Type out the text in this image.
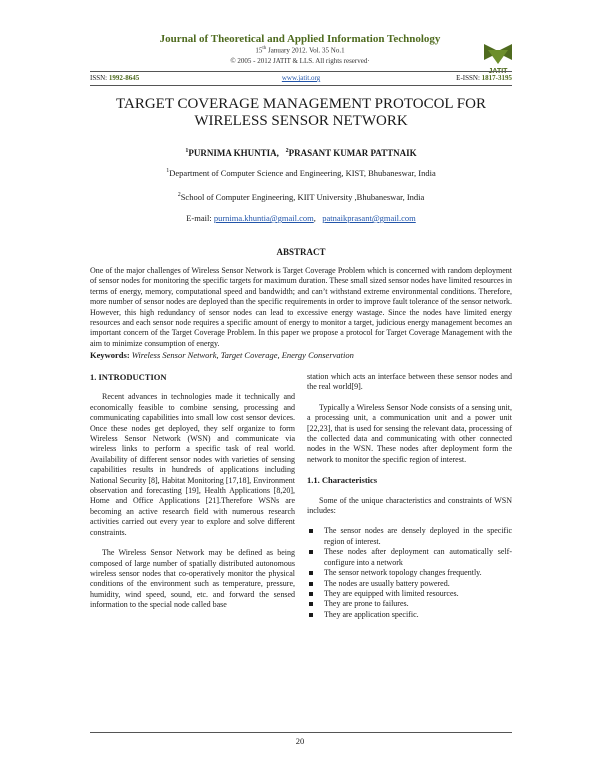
Journal of Theoretical and Applied Information Technology
15th January 2012. Vol. 35 No.1
© 2005 - 2012 JATIT & LLS. All rights reserved·
JATIT
ISSN: 1992-8645	www.jatit.org	E-ISSN: 1817-3195
TARGET COVERAGE MANAGEMENT PROTOCOL FOR WIRELESS SENSOR NETWORK
$^1$PURNIMA KHUNTIA, $^2$PRASANT KUMAR PATTNAIK
$^1$Department of Computer Science and Engineering, KIST, Bhubaneswar, India
$^2$School of Computer Engineering, KIIT University ,Bhubaneswar, India
E-mail: purnima.khuntia@gmail.com, patnaikprasant@gmail.com
ABSTRACT

One of the major challenges of Wireless Sensor Network is Target Coverage Problem which is concerned with random deployment of sensor nodes for monitoring the specific targets for maximum duration. These small sized sensor nodes have limited resources in terms of energy, memory, computational speed and bandwidth; and can’t withstand extreme environmental conditions. Therefore, more number of sensor nodes are deployed than the specific requirements in order to improve fault tolerance of the sensor network. However, this high redundancy of sensor nodes can lead to excessive energy wastage. Since the nodes have limited energy resources and each sensor node requires a specific amount of energy to monitor a target, judicious energy management becomes an important concern of the Target Coverage Problem. In this paper we propose a protocol for Target Coverage Management with the aim to minimize consumption of energy.

Keywords: Wireless Sensor Network, Target Coverage, Energy Conservation
1. INTRODUCTION

Recent advances in technologies made it technically and economically feasible to combine sensing, processing and communicating capabilities into small low cost sensor devices. Once these nodes get deployed, they self organize to form Wireless Sensor Network (WSN) and communicate via wireless links to perform a specific task of real world. Availability of different sensor nodes with varieties of sensing capabilities results in hundreds of applications including National Security [8], Habitat Monitoring [17,18], Environment observation and forecasting [19], Health Applications [8,20], Home and Office Applications [21].Therefore WSNs are becoming an active research field with numerous research activities carried out every year to explore and solve different constraints.

The Wireless Sensor Network may be defined as being composed of large number of spatially distributed autonomous wireless sensor nodes that co-operatively monitor the physical conditions of the environment such as temperature, pressure, humidity, wind speed, sound, etc. and forward the sensed information to the special node called base

station which acts an interface between these sensor nodes and the real world[9].

Typically a Wireless Sensor Node consists of a sensing unit, a processing unit, a communication unit and a power unit [22,23], that is used for sensing the relevant data, processing of the collected data and communicating with other connected nodes in the WSN. These nodes after deployment form the network to monitor the specific region of interest.

1.1. Characteristics

Some of the unique characteristics and constraints of WSN includes:

The sensor nodes are densely deployed in the specific region of interest.
These nodes after deployment can automatically self-configure into a network
The sensor network topology changes frequently.
The nodes are usually battery powered.
They are equipped with limited resources.
They are prone to failures.
They are application specific.
20
